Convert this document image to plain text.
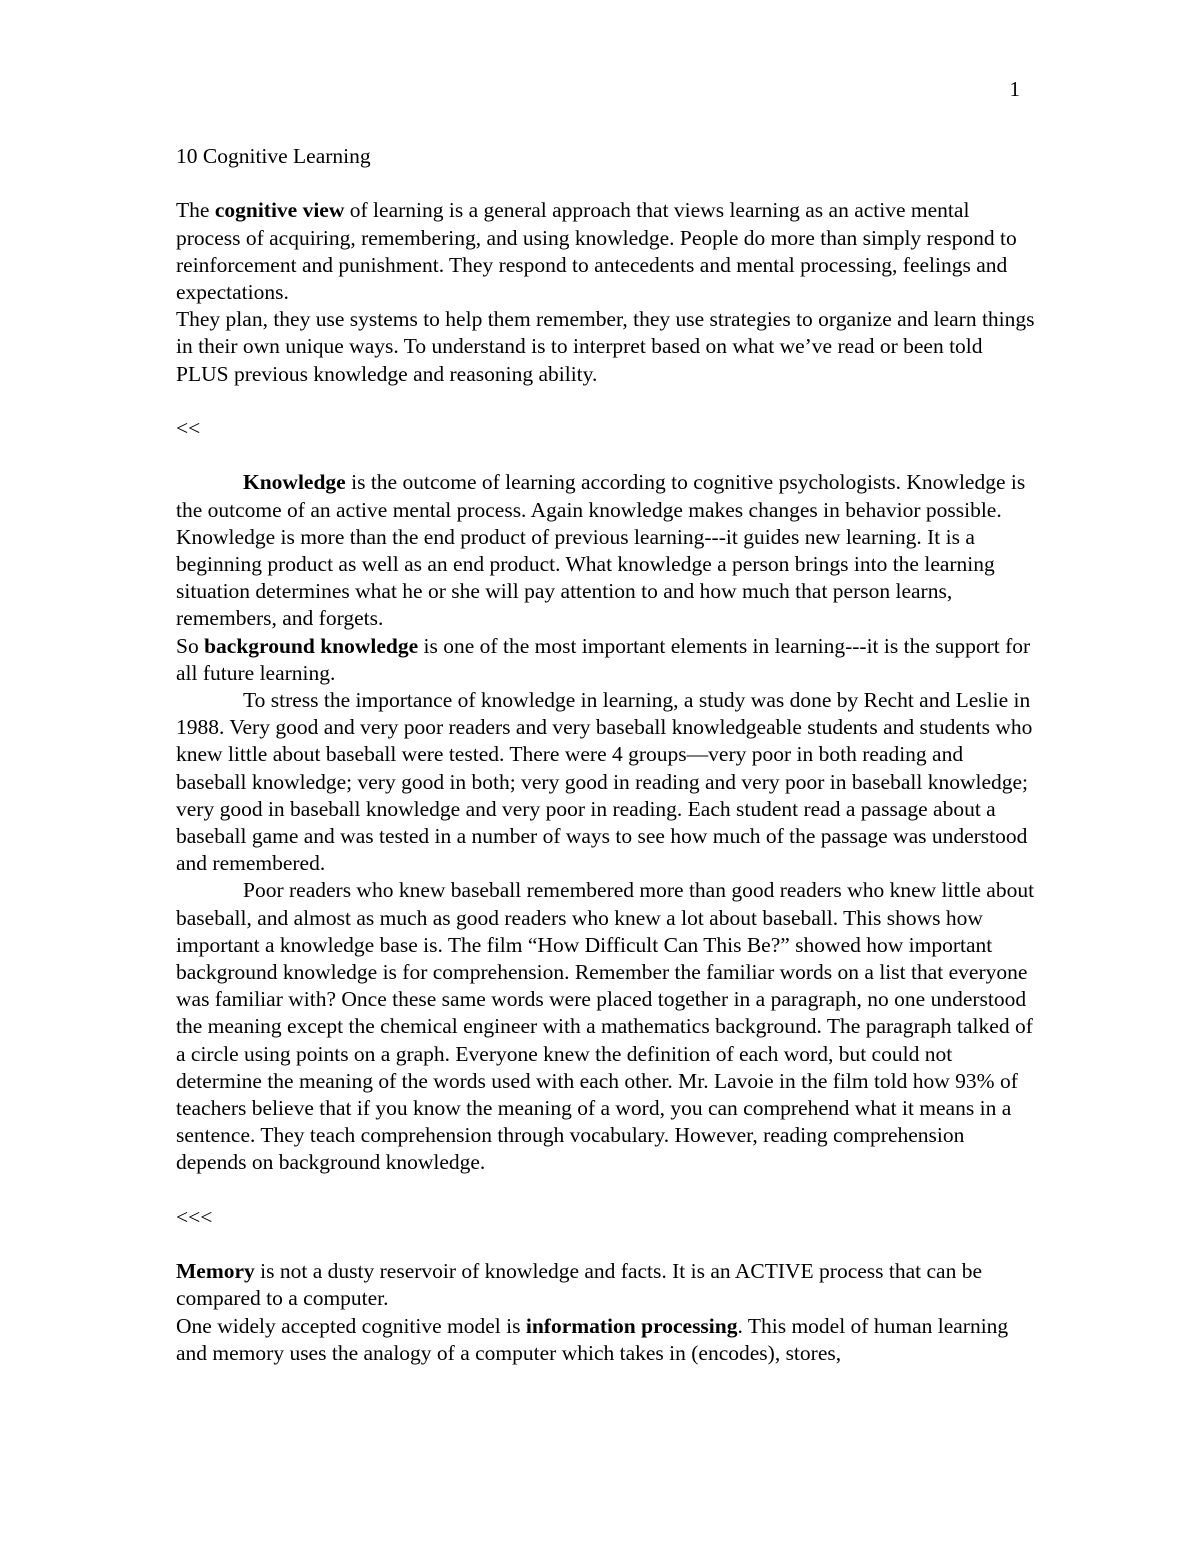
1

10 Cognitive Learning

The cognitive view of learning is a general approach that views learning as an active mental process of acquiring, remembering, and using knowledge. People do more than simply respond to reinforcement and punishment. They respond to antecedents and mental processing, feelings and expectations.

They plan, they use systems to help them remember, they use strategies to organize and learn things in their own unique ways. To understand is to interpret based on what we’ve read or been told PLUS previous knowledge and reasoning ability.

<<

Knowledge is the outcome of learning according to cognitive psychologists. Knowledge is the outcome of an active mental process. Again knowledge makes changes in behavior possible. Knowledge is more than the end product of previous learning---it guides new learning. It is a beginning product as well as an end product. What knowledge a person brings into the learning situation determines what he or she will pay attention to and how much that person learns, remembers, and forgets.

So background knowledge is one of the most important elements in learning---it is the support for all future learning.

To stress the importance of knowledge in learning, a study was done by Recht and Leslie in 1988. Very good and very poor readers and very baseball knowledgeable students and students who knew little about baseball were tested. There were 4 groups—very poor in both reading and baseball knowledge; very good in both; very good in reading and very poor in baseball knowledge; very good in baseball knowledge and very poor in reading. Each student read a passage about a baseball game and was tested in a number of ways to see how much of the passage was understood and remembered.

Poor readers who knew baseball remembered more than good readers who knew little about baseball, and almost as much as good readers who knew a lot about baseball. This shows how important a knowledge base is. The film “How Difficult Can This Be?” showed how important background knowledge is for comprehension. Remember the familiar words on a list that everyone was familiar with? Once these same words were placed together in a paragraph, no one understood the meaning except the chemical engineer with a mathematics background. The paragraph talked of a circle using points on a graph. Everyone knew the definition of each word, but could not determine the meaning of the words used with each other. Mr. Lavoie in the film told how 93% of teachers believe that if you know the meaning of a word, you can comprehend what it means in a sentence. They teach comprehension through vocabulary. However, reading comprehension depends on background knowledge.

<<<

Memory is not a dusty reservoir of knowledge and facts. It is an ACTIVE process that can be compared to a computer.

One widely accepted cognitive model is information processing. This model of human learning and memory uses the analogy of a computer which takes in (encodes), stores,
